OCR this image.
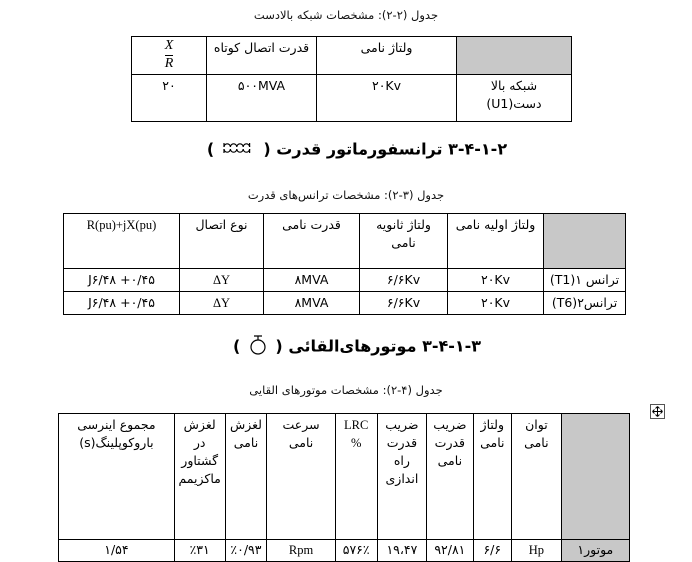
جدول (۲-۲): مشخصات شبکه بالادست
	ولتاژ نامی	قدرت اتصال کوتاه	$\frac{X}{R}$

شبکه بالا
دست(U1)	۲۰Kv	۵۰۰MVA	۲۰
۳-۴-۱-۲ ترانسفورماتور قدرت (  )
جدول (۳-۲): مشخصات ترانس‌های قدرت
	ولتاژ اولیه نامی	ولتاژ ثانویه نامی	قدرت نامی	نوع اتصال	R(pu)+jX(pu)
ترانس ۱(T1)	۲۰Kv	۶/۶Kv	۸MVA	ΔY	۰/۴۵+ J۶/۴۸
ترانس۲(T6)	۲۰Kv	۶/۶Kv	۸MVA	ΔY	۰/۴۵+ J۶/۴۸
۳-۴-۱-۳ موتورهای‌القائی (  )
جدول (۴-۲): مشخصات موتورهای القایی
	توان نامی	ولتاژ نامی	ضریب قدرت نامی	ضریب قدرت راه اندازی	LRC %	سرعت نامی	لغزش نامی	لغزش در گشتاور ماکزیمم	مجموع اینرسی بارو‌کوپلینگ(s)
موتور۱	Hp	۶/۶	۹۲/۸۱	۱۹،۴۷	۵۷۶٪	Rpm	٪۰/۹۳	٪۳۱	۱/۵۴
